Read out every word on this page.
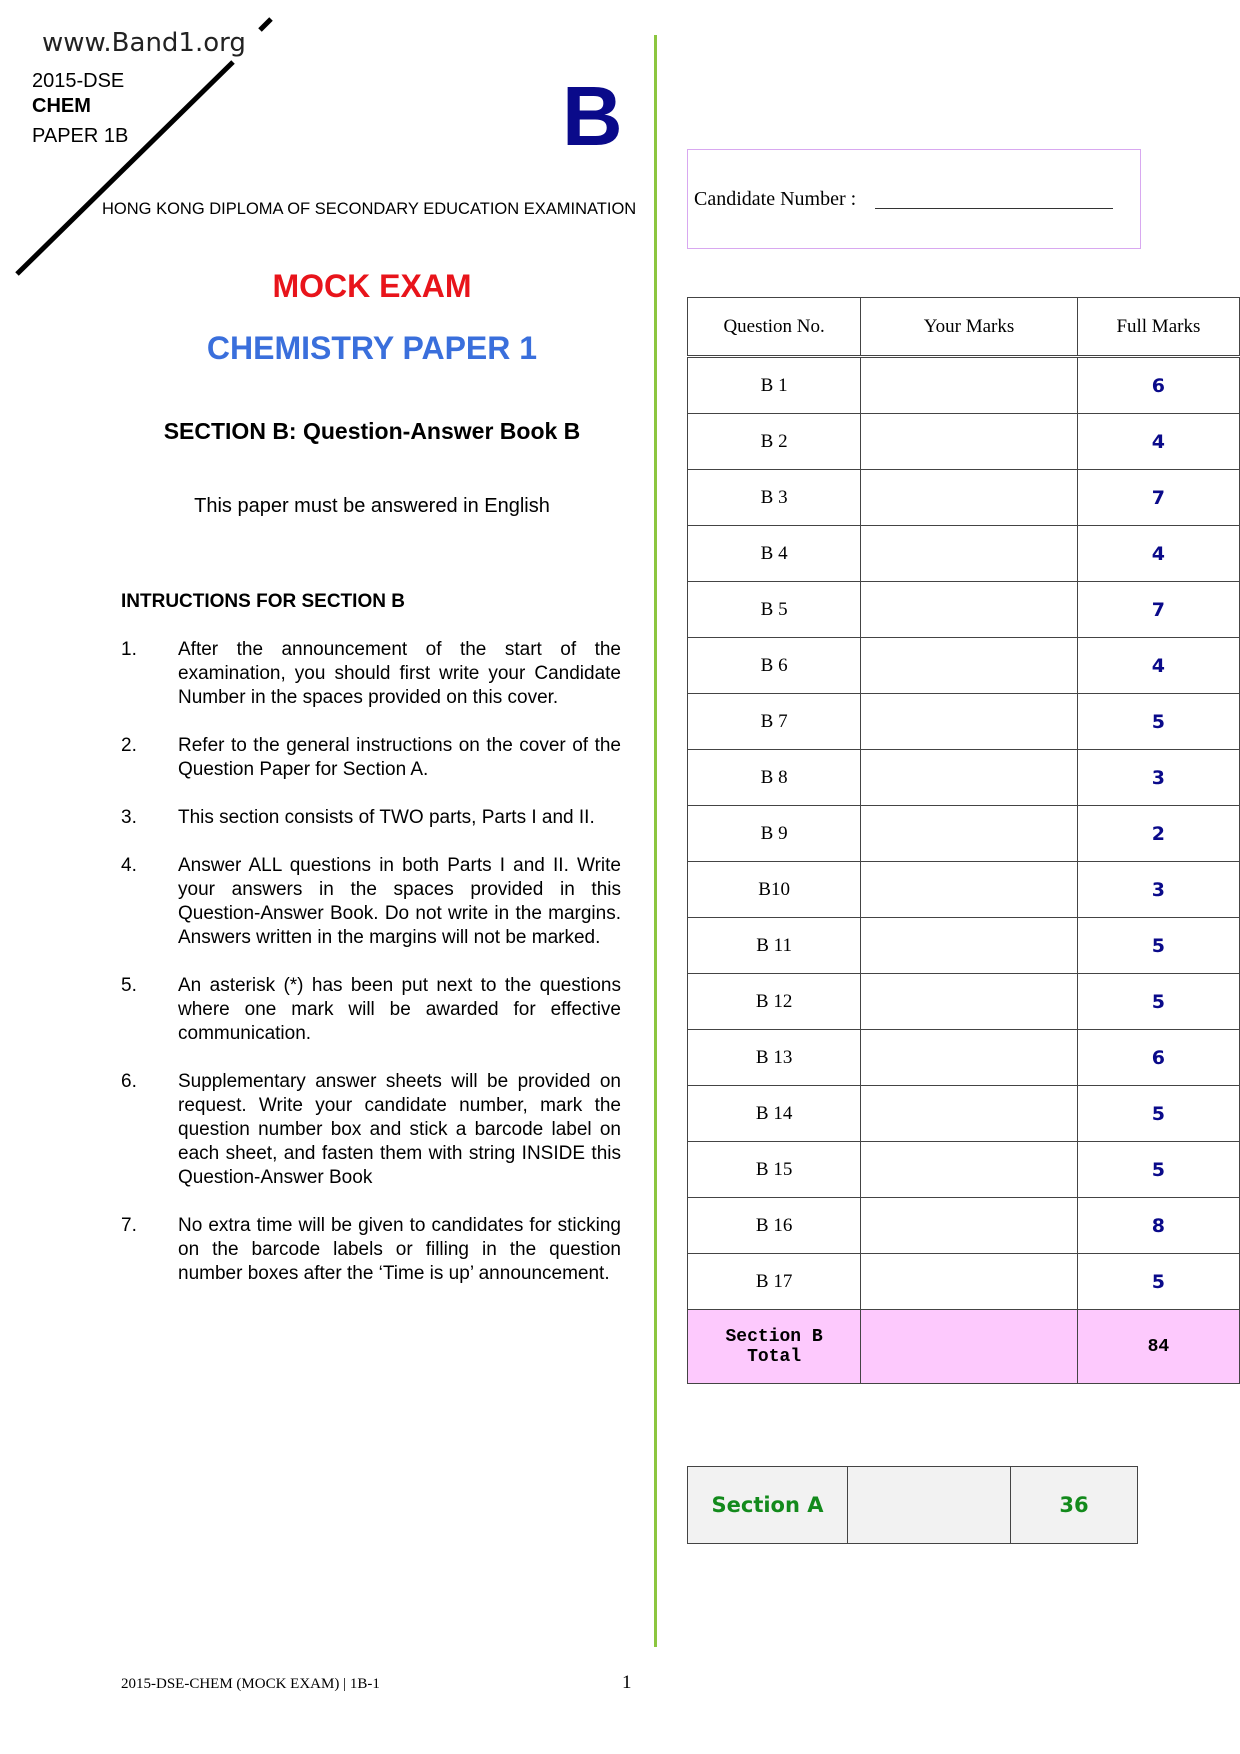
www.Band1.org
2015-DSE
CHEM
PAPER 1B	B
HONG KONG DIPLOMA OF SECONDARY EDUCATION EXAMINATION
MOCK EXAM
CHEMISTRY PAPER 1
SECTION B: Question-Answer Book B
This paper must be answered in English
INTRUCTIONS FOR SECTION B
1.	After the announcement of the start of the examination, you should first write your Candidate Number in the spaces provided on this cover.
2.	Refer to the general instructions on the cover of the Question Paper for Section A.
3.	This section consists of TWO parts, Parts I and II.
4.	Answer ALL questions in both Parts I and II. Write your answers in the spaces provided in this Question-Answer Book. Do not write in the margins. Answers written in the margins will not be marked.
5.	An asterisk (*) has been put next to the questions where one mark will be awarded for effective communication.
6.	Supplementary answer sheets will be provided on request. Write your candidate number, mark the question number box and stick a barcode label on each sheet, and fasten them with string INSIDE this Question-Answer Book
7.	No extra time will be given to candidates for sticking on the barcode labels or filling in the question number boxes after the ‘Time is up’ announcement.
Candidate Number :
Question No.	Your Marks	Full Marks
B 1		6
B 2		4
B 3		7
B 4		4
B 5		7
B 6		4
B 7		5
B 8		3
B 9		2
B10		3
B 11		5
B 12		5
B 13		6
B 14		5
B 15		5
B 16		8
B 17		5
Section B Total		84
Section A		36
2015-DSE-CHEM (MOCK EXAM) | 1B-1	1
